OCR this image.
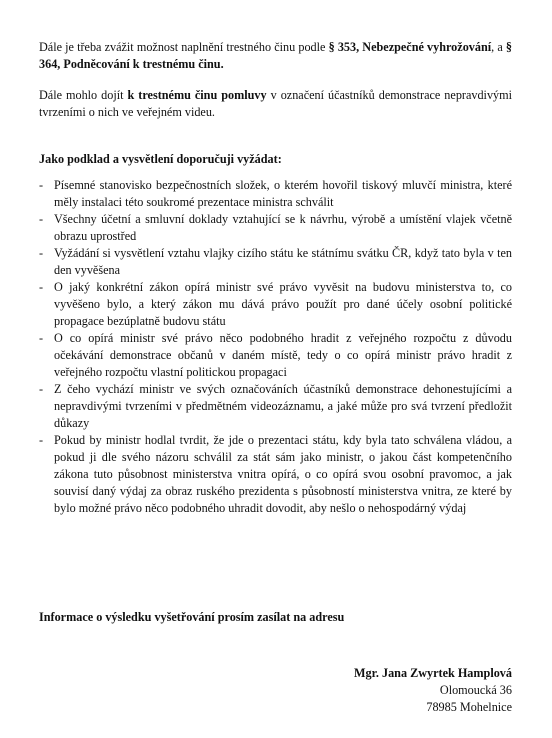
Dále je třeba zvážit možnost naplnění trestného činu podle § 353, Nebezpečné vyhrožování, a § 364, Podněcování k trestnému činu.

Dále mohlo dojít k trestnému činu pomluvy v označení účastníků demonstrace nepravdivými tvrzeními o nich ve veřejném videu.

Jako podklad a vysvětlení doporučuji vyžádat:

- Písemné stanovisko bezpečnostních složek, o kterém hovořil tiskový mluvčí ministra, které měly instalaci této soukromé prezentace ministra schválit
- Všechny účetní a smluvní doklady vztahující se k návrhu, výrobě a umístění vlajek včetně obrazu uprostřed
- Vyžádání si vysvětlení vztahu vlajky cizího státu ke státnímu svátku ČR, když tato byla v ten den vyvěšena
- O jaký konkrétní zákon opírá ministr své právo vyvěsit na budovu ministerstva to, co vyvěšeno bylo, a který zákon mu dává právo použít pro dané účely osobní politické propagace bezúplatně budovu státu
- O co opírá ministr své právo něco podobného hradit z veřejného rozpočtu z důvodu očekávání demonstrace občanů v daném místě, tedy o co opírá ministr právo hradit z veřejného rozpočtu vlastní politickou propagaci
- Z čeho vychází ministr ve svých označováních účastníků demonstrace dehonestujícími a nepravdivými tvrzeními v předmětném videozáznamu, a jaké může pro svá tvrzení předložit důkazy
- Pokud by ministr hodlal tvrdit, že jde o prezentaci státu, kdy byla tato schválena vládou, a pokud ji dle svého názoru schválil za stát sám jako ministr, o jakou část kompetenčního zákona tuto působnost ministerstva vnitra opírá, o co opírá svou osobní pravomoc, a jak souvisí daný výdaj za obraz ruského prezidenta s působností ministerstva vnitra, ze které by bylo možné právo něco podobného uhradit dovodit, aby nešlo o nehospodárný výdaj

Informace o výsledku vyšetřování prosím zasílat na adresu

Mgr. Jana Zwyrtek Hamplová
Olomoucká 36
78985 Mohelnice
